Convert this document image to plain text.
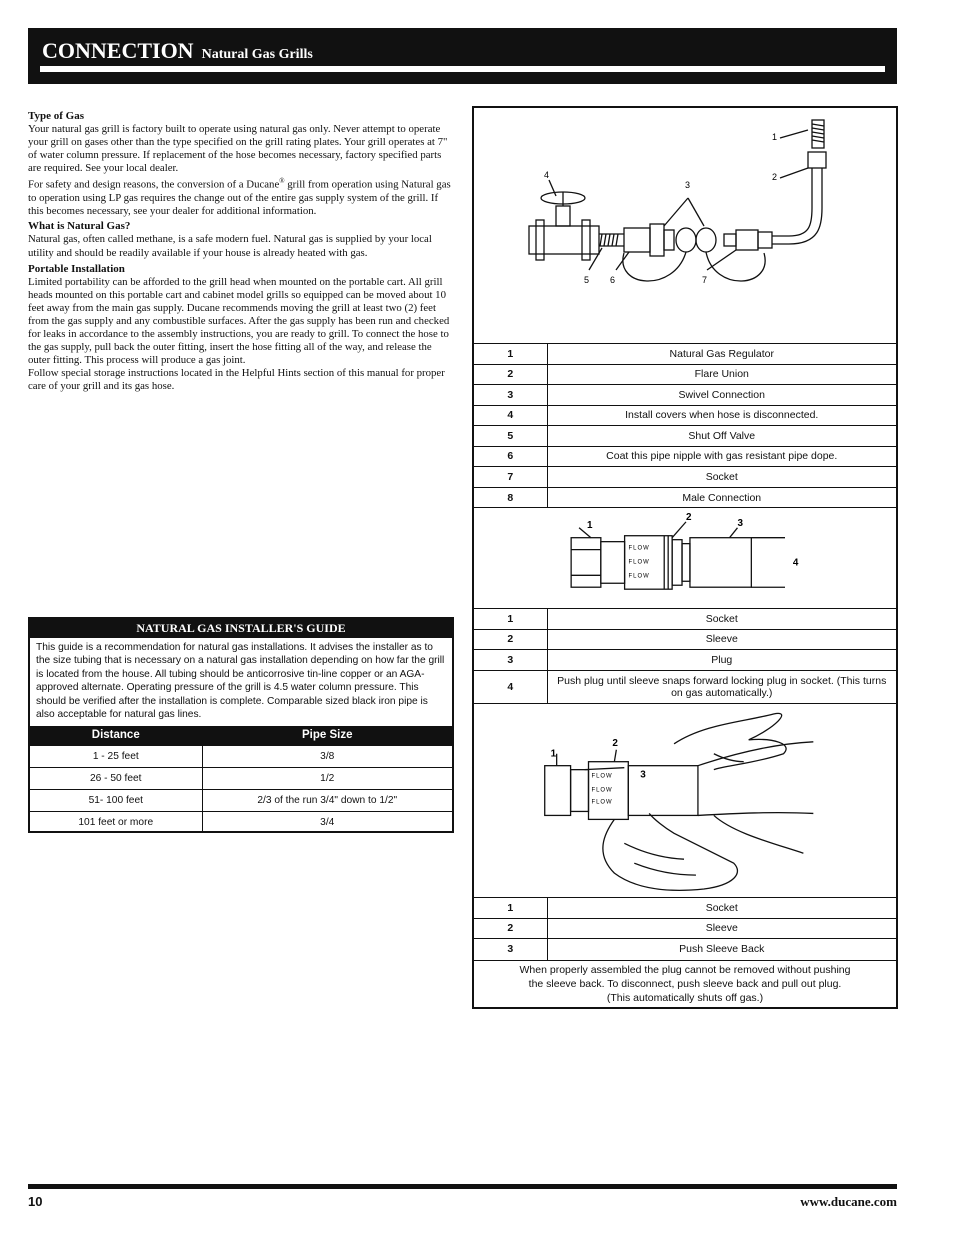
CONNECTION Natural Gas Grills
Type of Gas

Your natural gas grill is factory built to operate using natural gas only. Never attempt to operate your grill on gases other than the type specified on the grill rating plates. Your grill operates at 7" of water column pressure. If replacement of the hose becomes necessary, factory specified parts are required. See your local dealer.

For safety and design reasons, the conversion of a Ducane® grill from operation using Natural gas to operation using LP gas requires the change out of the entire gas supply system of the grill. If this becomes necessary, see your dealer for additional information.

What is Natural Gas?

Natural gas, often called methane, is a safe modern fuel. Natural gas is supplied by your local utility and should be readily available if your house is already heated with gas.

Portable Installation

Limited portability can be afforded to the grill head when mounted on the portable cart. All grill heads mounted on this portable cart and cabinet model grills so equipped can be moved about 10 feet away from the main gas supply. Ducane recommends moving the grill at least two (2) feet from the gas supply and any combustible surfaces. After the gas supply has been run and checked for leaks in accordance to the assembly instructions, you are ready to grill. To connect the hose to the gas supply, pull back the outer fitting, insert the hose fitting all of the way, and release the outer fitting. This process will produce a gas joint.

Follow special storage instructions located in the Helpful Hints section of this manual for proper care of your grill and its gas hose.

NATURAL GAS INSTALLER'S GUIDE
This guide is a recommendation for natural gas installations. It advises the installer as to the size tubing that is necessary on a natural gas installation depending on how far the grill is located from the house. All tubing should be anticorrosive tin-line copper or an AGA-approved alternate. Operating pressure of the grill is 4.5 water column pressure. This should be verified after the installation is complete. Comparable sized black iron pipe is also acceptable for natural gas lines.
Distance	Pipe Size
1 - 25 feet	3/8
26 - 50 feet	1/2
51- 100 feet	2/3 of the run 3/4" down to 1/2"
101 feet or more	3/4
1
2
3
4
5 6	7
1	Natural Gas Regulator
2	Flare Union
3	Swivel Connection
4	Install covers when hose is disconnected.
5	Shut Off Valve
6	Coat this pipe nipple with gas resistant pipe dope.
7	Socket
8	Male Connection
FLOW
FLOW
FLOW
1
2
3
4
1	Socket
2	Sleeve
3	Plug
4	Push plug until sleeve snaps forward locking plug in socket. (This turns on gas automatically.)
FLOW
FLOW
FLOW
1
2
3
1	Socket
2	Sleeve
3	Push Sleeve Back
When properly assembled the plug cannot be removed without pushing
the sleeve back. To disconnect, push sleeve back and pull out plug.
(This automatically shuts off gas.)
10	www.ducane.com
